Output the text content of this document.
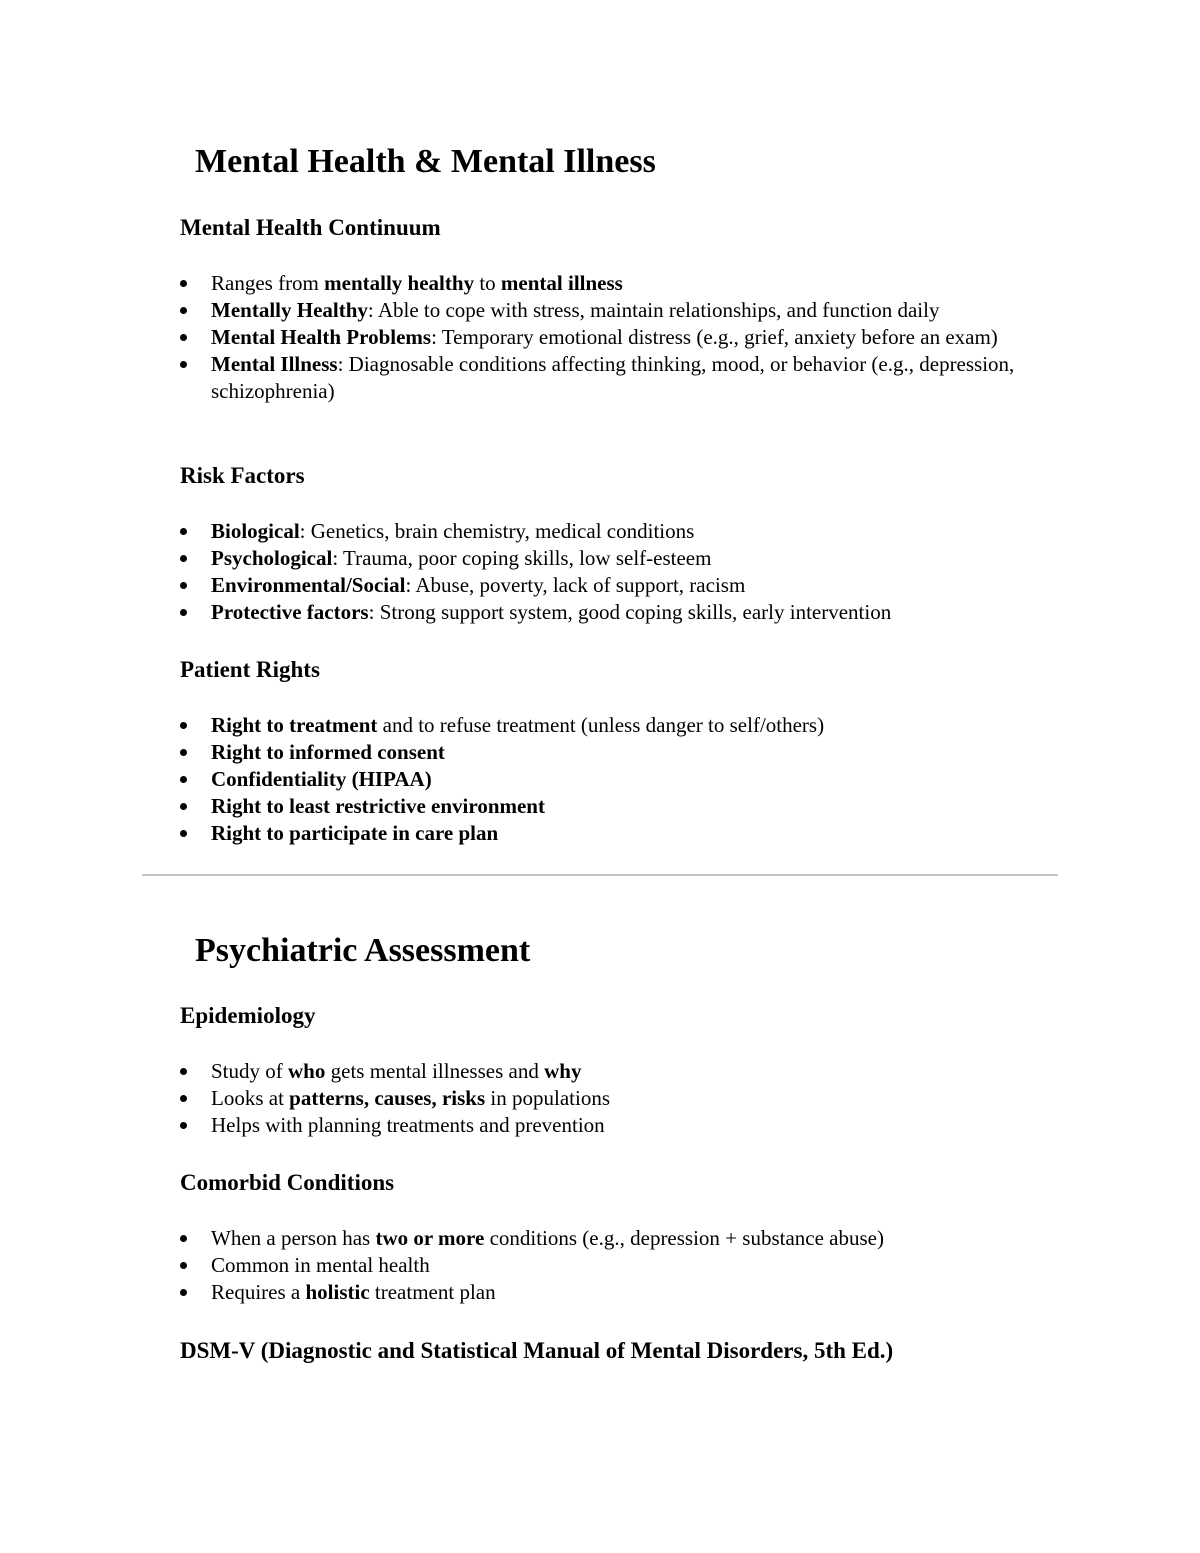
Mental Health & Mental Illness
Mental Health Continuum
Ranges from mentally healthy to mental illness
Mentally Healthy: Able to cope with stress, maintain relationships, and function daily
Mental Health Problems: Temporary emotional distress (e.g., grief, anxiety before an exam)
Mental Illness: Diagnosable conditions affecting thinking, mood, or behavior (e.g., depression, schizophrenia)
Risk Factors
Biological: Genetics, brain chemistry, medical conditions
Psychological: Trauma, poor coping skills, low self-esteem
Environmental/Social: Abuse, poverty, lack of support, racism
Protective factors: Strong support system, good coping skills, early intervention
Patient Rights
Right to treatment and to refuse treatment (unless danger to self/others)
Right to informed consent
Confidentiality (HIPAA)
Right to least restrictive environment
Right to participate in care plan
Psychiatric Assessment
Epidemiology
Study of who gets mental illnesses and why
Looks at patterns, causes, risks in populations
Helps with planning treatments and prevention
Comorbid Conditions
When a person has two or more conditions (e.g., depression + substance abuse)
Common in mental health
Requires a holistic treatment plan
DSM-V (Diagnostic and Statistical Manual of Mental Disorders, 5th Ed.)
